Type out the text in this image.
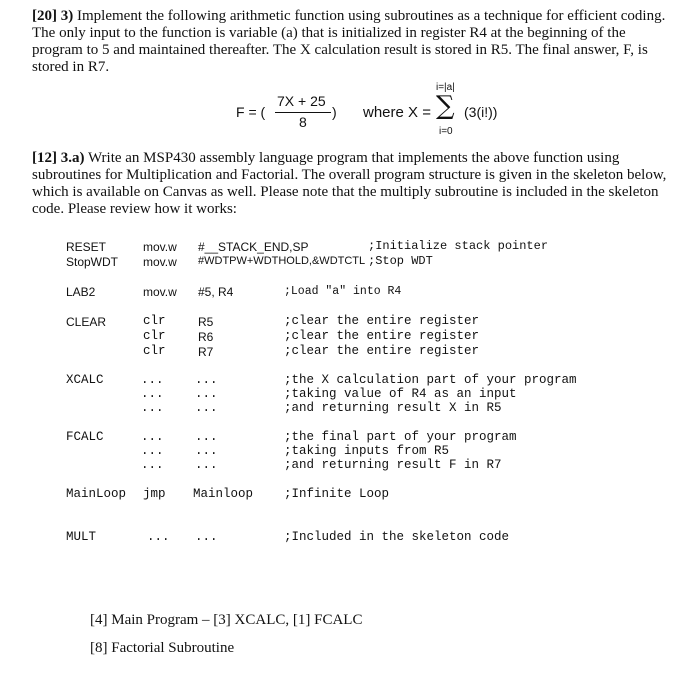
[20] 3) Implement the following arithmetic function using subroutines as a technique for efficient coding. The only input to the function is variable (a) that is initialized in register R4 at the beginning of the program to 5 and maintained thereafter. The X calculation result is stored in R5. The final answer, F, is stored in R7.
F = (
7X + 25
8
) where X =
i=|a|
∑
i=0
(3(i!))
[12] 3.a) Write an MSP430 assembly language program that implements the above function using subroutines for Multiplication and Factorial. The overall program structure is given in the skeleton below, which is available on Canvas as well. Please note that the multiply subroutine is included in the skeleton code. Please review how it works:
RESET	mov.w #__STACK_END,SP	;Initialize stack pointer
StopWDT mov.w #WDTPW+WDTHOLD,&WDTCTL ;Stop WDT
LAB2	mov.w #5, R4	;Load "a" into R4
CLEAR	clr	R5	;clear the entire register
clr	R6	;clear the entire register
clr	R7	;clear the entire register
XCALC	...	...	;the X calculation part of your program
...	...	;taking value of R4 as an input
...	...	;and returning result X in R5
FCALC	...	...	;the final part of your program
...	...	;taking inputs from R5
...	...	;and returning result F in R7
MainLoop jmp Mainloop ;Infinite Loop
MULT	... ...	;Included in the skeleton code
[4] Main Program – [3] XCALC, [1] FCALC
[8] Factorial Subroutine
